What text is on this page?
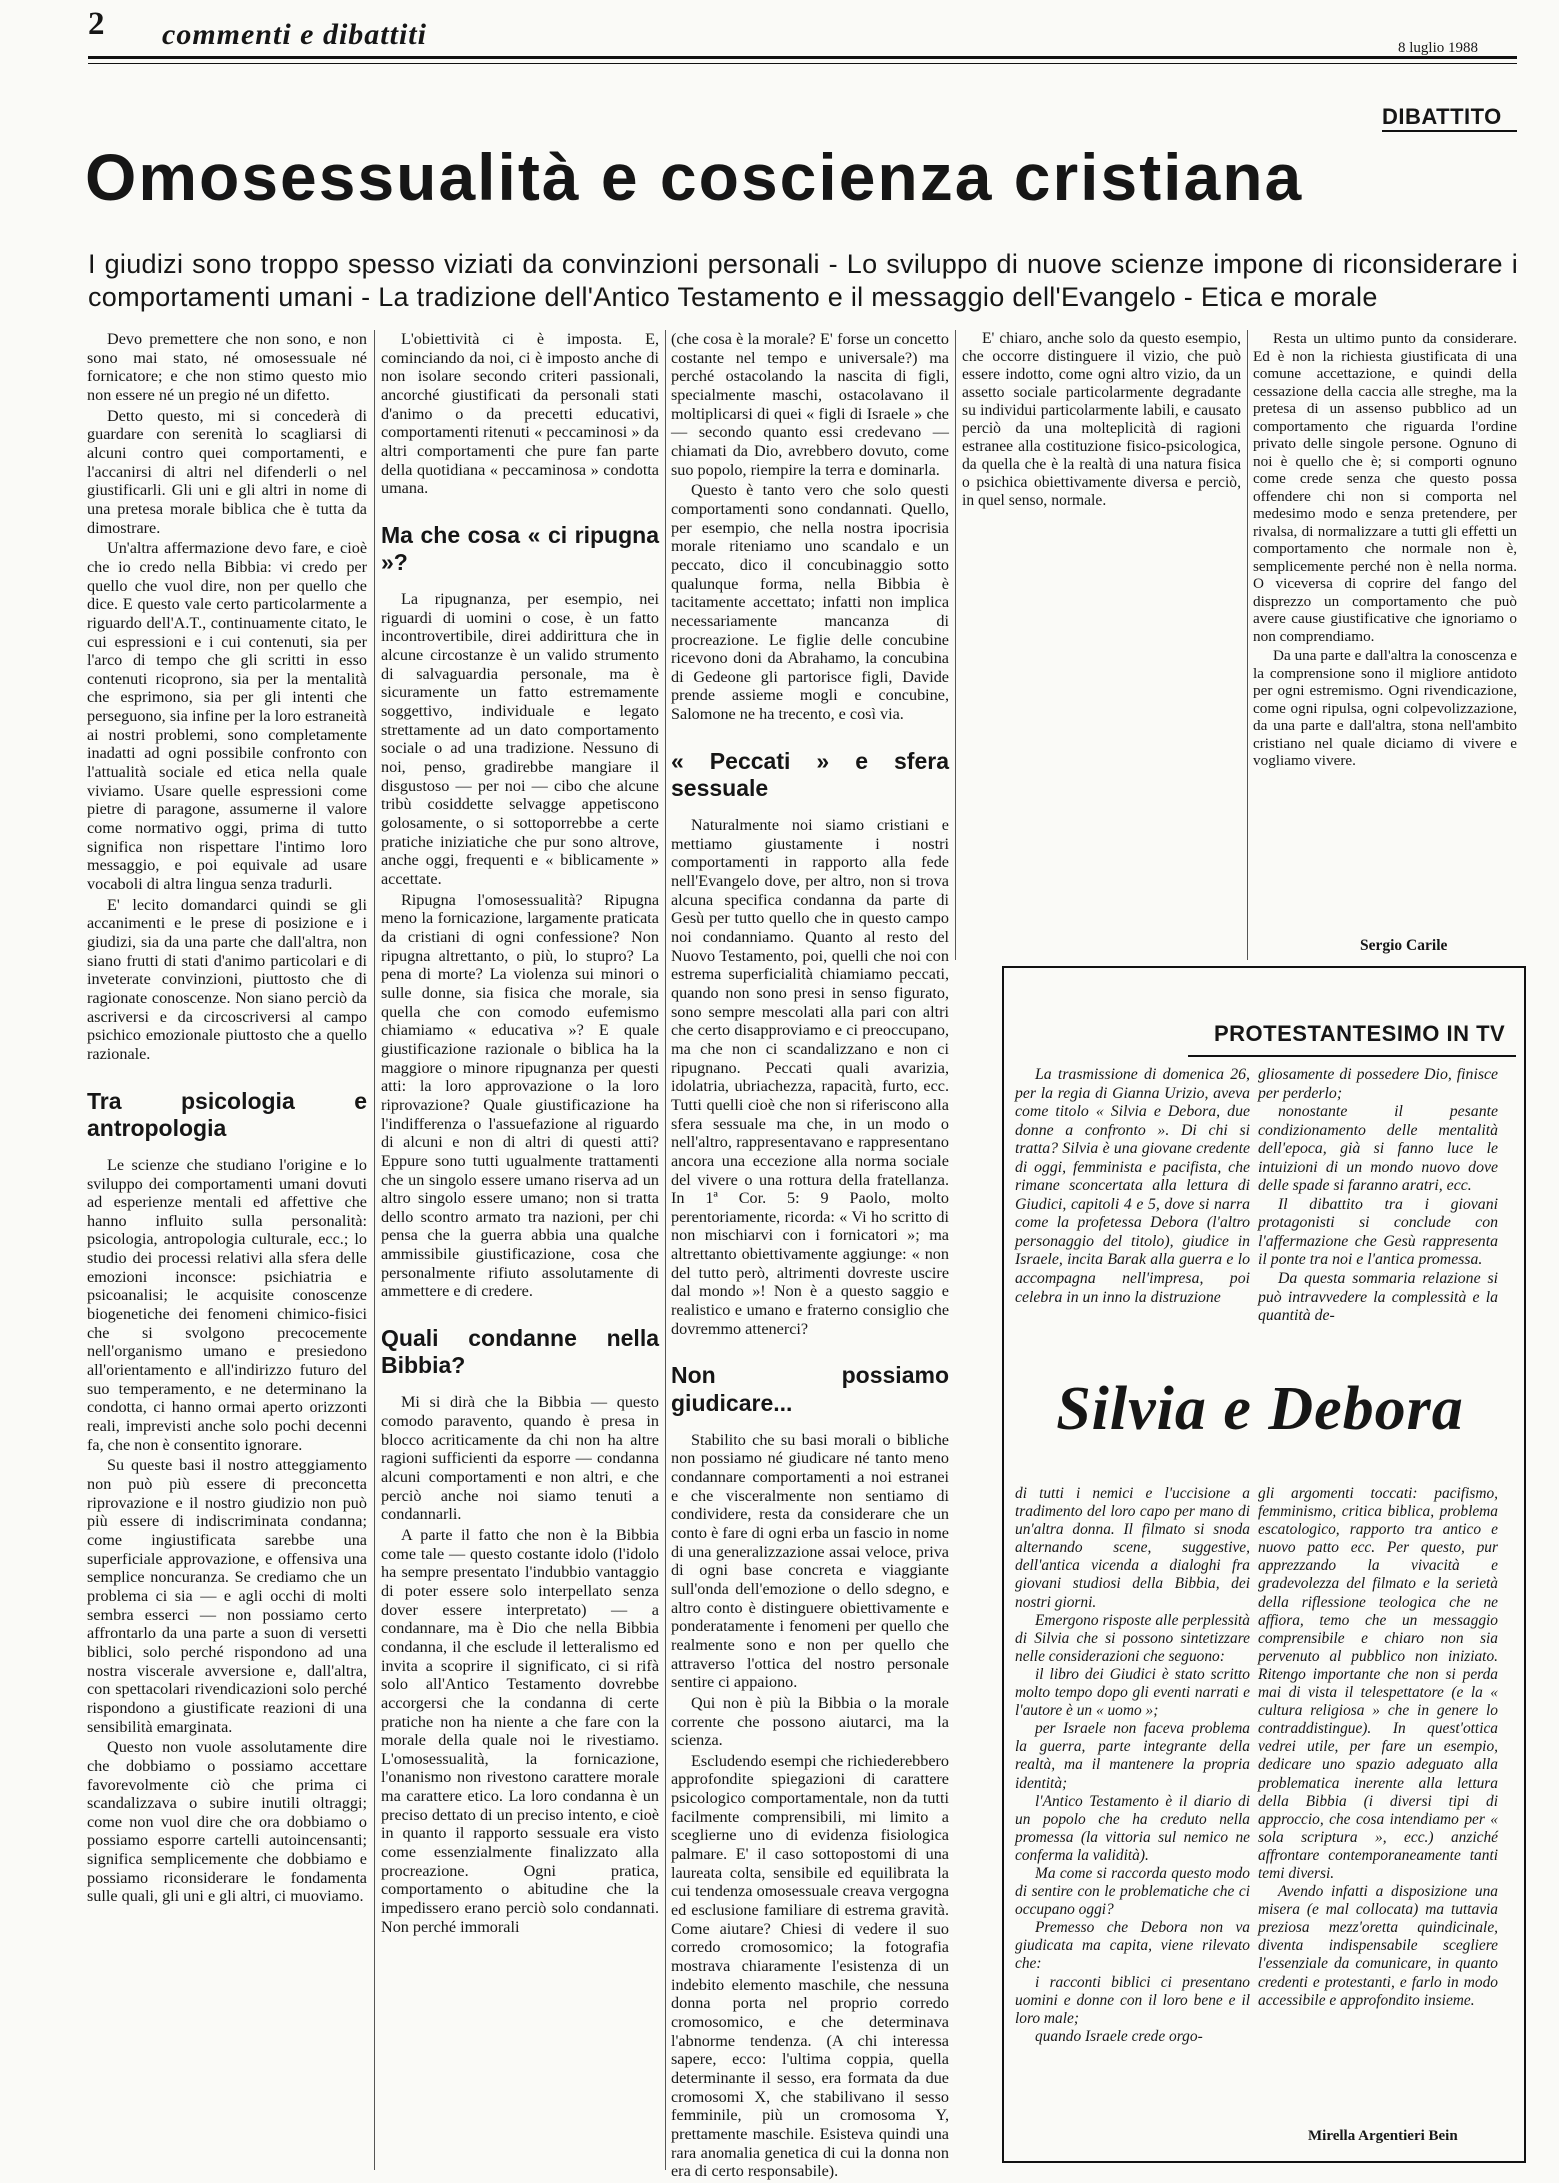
2 commenti e dibattiti	8 luglio 1988
DIBATTITO
Omosessualità e coscienza cristiana
I giudizi sono troppo spesso viziati da convinzioni personali - Lo sviluppo di nuove scienze impone di riconsiderare i comportamenti umani - La tradizione dell'Antico Testamento e il messaggio dell'Evangelo - Etica e morale

Devo premettere che non sono, e non sono mai stato, né omosessuale né fornicatore; e che non stimo questo mio non essere né un pregio né un difetto.

Detto questo, mi si concederà di guardare con serenità lo scagliarsi di alcuni contro quei comportamenti, e l'accanirsi di altri nel difenderli o nel giustificarli. Gli uni e gli altri in nome di una pretesa morale biblica che è tutta da dimostrare.

Un'altra affermazione devo fare, e cioè che io credo nella Bibbia: vi credo per quello che vuol dire, non per quello che dice. E questo vale certo particolarmente a riguardo dell'A.T., continuamente citato, le cui espressioni e i cui contenuti, sia per l'arco di tempo che gli scritti in esso contenuti ricoprono, sia per la mentalità che esprimono, sia per gli intenti che perseguono, sia infine per la loro estraneità ai nostri problemi, sono completamente inadatti ad ogni possibile confronto con l'attualità sociale ed etica nella quale viviamo. Usare quelle espressioni come pietre di paragone, assumerne il valore come normativo oggi, prima di tutto significa non rispettare l'intimo loro messaggio, e poi equivale ad usare vocaboli di altra lingua senza tradurli.

E' lecito domandarci quindi se gli accanimenti e le prese di posizione e i giudizi, sia da una parte che dall'altra, non siano frutti di stati d'animo particolari e di inveterate convinzioni, piuttosto che di ragionate conoscenze. Non siano perciò da ascriversi e da circoscriversi al campo psichico emozionale piuttosto che a quello razionale.

Tra psicologia e antropologia

Le scienze che studiano l'origine e lo sviluppo dei comportamenti umani dovuti ad esperienze mentali ed affettive che hanno influito sulla personalità: psicologia, antropologia culturale, ecc.; lo studio dei processi relativi alla sfera delle emozioni inconsce: psichiatria e psicoanalisi; le acquisite conoscenze biogenetiche dei fenomeni chimico-fisici che si svolgono precocemente nell'organismo umano e presiedono all'orientamento e all'indirizzo futuro del suo temperamento, e ne determinano la condotta, ci hanno ormai aperto orizzonti reali, imprevisti anche solo pochi decenni fa, che non è consentito ignorare.

Su queste basi il nostro atteggiamento non può più essere di preconcetta riprovazione e il nostro giudizio non può più essere di indiscriminata condanna; come ingiustificata sarebbe una superficiale approvazione, e offensiva una semplice noncuranza. Se crediamo che un problema ci sia — e agli occhi di molti sembra esserci — non possiamo certo affrontarlo da una parte a suon di versetti biblici, solo perché rispondono ad una nostra viscerale avversione e, dall'altra, con spettacolari rivendicazioni solo perché rispondono a giustificate reazioni di una sensibilità emarginata.

Questo non vuole assolutamente dire che dobbiamo o possiamo accettare favorevolmente ciò che prima ci scandalizzava o subire inutili oltraggi; come non vuol dire che ora dobbiamo o possiamo esporre cartelli autoincensanti; significa semplicemente che dobbiamo e possiamo riconsiderare le fondamenta sulle quali, gli uni e gli altri, ci muoviamo.

L'obiettività ci è imposta. E, cominciando da noi, ci è imposto anche di non isolare secondo criteri passionali, ancorché giustificati da personali stati d'animo o da precetti educativi, comportamenti ritenuti « peccaminosi » da altri comportamenti che pure fan parte della quotidiana « peccaminosa » condotta umana.

Ma che cosa « ci ripugna »?

La ripugnanza, per esempio, nei riguardi di uomini o cose, è un fatto incontrovertibile, direi addirittura che in alcune circostanze è un valido strumento di salvaguardia personale, ma è sicuramente un fatto estremamente soggettivo, individuale e legato strettamente ad un dato comportamento sociale o ad una tradizione. Nessuno di noi, penso, gradirebbe mangiare il disgustoso — per noi — cibo che alcune tribù cosiddette selvagge appetiscono golosamente, o si sottoporrebbe a certe pratiche iniziatiche che pur sono altrove, anche oggi, frequenti e « biblicamente » accettate.

Ripugna l'omosessualità? Ripugna meno la fornicazione, largamente praticata da cristiani di ogni confessione? Non ripugna altrettanto, o più, lo stupro? La pena di morte? La violenza sui minori o sulle donne, sia fisica che morale, sia quella che con comodo eufemismo chiamiamo « educativa »? E quale giustificazione razionale o biblica ha la maggiore o minore ripugnanza per questi atti: la loro approvazione o la loro riprovazione? Quale giustificazione ha l'indifferenza o l'assuefazione al riguardo di alcuni e non di altri di questi atti? Eppure sono tutti ugualmente trattamenti che un singolo essere umano riserva ad un altro singolo essere umano; non si tratta dello scontro armato tra nazioni, per chi pensa che la guerra abbia una qualche ammissibile giustificazione, cosa che personalmente rifiuto assolutamente di ammettere e di credere.

Quali condanne nella Bibbia?

Mi si dirà che la Bibbia — questo comodo paravento, quando è presa in blocco acriticamente da chi non ha altre ragioni sufficienti da esporre — condanna alcuni comportamenti e non altri, e che perciò anche noi siamo tenuti a condannarli.

A parte il fatto che non è la Bibbia come tale — questo costante idolo (l'idolo ha sempre presentato l'indubbio vantaggio di poter essere solo interpellato senza dover essere interpretato) — a condannare, ma è Dio che nella Bibbia condanna, il che esclude il letteralismo ed invita a scoprire il significato, ci si rifà solo all'Antico Testamento dovrebbe accorgersi che la condanna di certe pratiche non ha niente a che fare con la morale della quale noi le rivestiamo. L'omosessualità, la fornicazione, l'onanismo non rivestono carattere morale ma carattere etico. La loro condanna è un preciso dettato di un preciso intento, e cioè in quanto il rapporto sessuale era visto come essenzialmente finalizzato alla procreazione. Ogni pratica, comportamento o abitudine che la impedissero erano perciò solo condannati. Non perché immorali

(che cosa è la morale? E' forse un concetto costante nel tempo e universale?) ma perché ostacolando la nascita di figli, specialmente maschi, ostacolavano il moltiplicarsi di quei « figli di Israele » che — secondo quanto essi credevano — chiamati da Dio, avrebbero dovuto, come suo popolo, riempire la terra e dominarla.

Questo è tanto vero che solo questi comportamenti sono condannati. Quello, per esempio, che nella nostra ipocrisia morale riteniamo uno scandalo e un peccato, dico il concubinaggio sotto qualunque forma, nella Bibbia è tacitamente accettato; infatti non implica necessariamente mancanza di procreazione. Le figlie delle concubine ricevono doni da Abrahamo, la concubina di Gedeone gli partorisce figli, Davide prende assieme mogli e concubine, Salomone ne ha trecento, e così via.

« Peccati » e sfera sessuale

Naturalmente noi siamo cristiani e mettiamo giustamente i nostri comportamenti in rapporto alla fede nell'Evangelo dove, per altro, non si trova alcuna specifica condanna da parte di Gesù per tutto quello che in questo campo noi condanniamo. Quanto al resto del Nuovo Testamento, poi, quelli che noi con estrema superficialità chiamiamo peccati, quando non sono presi in senso figurato, sono sempre mescolati alla pari con altri che certo disapproviamo e ci preoccupano, ma che non ci scandalizzano e non ci ripugnano. Peccati quali avarizia, idolatria, ubriachezza, rapacità, furto, ecc. Tutti quelli cioè che non si riferiscono alla sfera sessuale ma che, in un modo o nell'altro, rappresentavano e rappresentano ancora una eccezione alla norma sociale del vivere o una rottura della fratellanza. In 1ª Cor. 5: 9 Paolo, molto perentoriamente, ricorda: « Vi ho scritto di non mischiarvi con i fornicatori »; ma altrettanto obiettivamente aggiunge: « non del tutto però, altrimenti dovreste uscire dal mondo »! Non è a questo saggio e realistico e umano e fraterno consiglio che dovremmo attenerci?

Non possiamo giudicare...

Stabilito che su basi morali o bibliche non possiamo né giudicare né tanto meno condannare comportamenti a noi estranei e che visceralmente non sentiamo di condividere, resta da considerare che un conto è fare di ogni erba un fascio in nome di una generalizzazione assai veloce, priva di ogni base concreta e viaggiante sull'onda dell'emozione o dello sdegno, e altro conto è distinguere obiettivamente e ponderatamente i fenomeni per quello che realmente sono e non per quello che attraverso l'ottica del nostro personale sentire ci appaiono.

Qui non è più la Bibbia o la morale corrente che possono aiutarci, ma la scienza.

Escludendo esempi che richiederebbero approfondite spiegazioni di carattere psicologico comportamentale, non da tutti facilmente comprensibili, mi limito a sceglierne uno di evidenza fisiologica palmare. E' il caso sottopostomi di una laureata colta, sensibile ed equilibrata la cui tendenza omosessuale creava vergogna ed esclusione familiare di estrema gravità. Come aiutare? Chiesi di vedere il suo corredo cromosomico; la fotografia mostrava chiaramente l'esistenza di un indebito elemento maschile, che nessuna donna porta nel proprio corredo cromosomico, e che determinava l'abnorme tendenza. (A chi interessa sapere, ecco: l'ultima coppia, quella determinante il sesso, era formata da due cromosomi X, che stabilivano il sesso femminile, più un cromosoma Y, prettamente maschile. Esisteva quindi una rara anomalia genetica di cui la donna non era di certo responsabile).

E' chiaro, anche solo da questo esempio, che occorre distinguere il vizio, che può essere indotto, come ogni altro vizio, da un assetto sociale particolarmente degradante su individui particolarmente labili, e causato perciò da una molteplicità di ragioni estranee alla costituzione fisico-psicologica, da quella che è la realtà di una natura fisica o psichica obiettivamente diversa e perciò, in quel senso, normale.

Resta un ultimo punto da considerare. Ed è non la richiesta giustificata di una comune accettazione, e quindi della cessazione della caccia alle streghe, ma la pretesa di un assenso pubblico ad un comportamento che riguarda l'ordine privato delle singole persone. Ognuno di noi è quello che è; si comporti ognuno come crede senza che questo possa offendere chi non si comporta nel medesimo modo e senza pretendere, per rivalsa, di normalizzare a tutti gli effetti un comportamento che normale non è, semplicemente perché non è nella norma. O viceversa di coprire del fango del disprezzo un comportamento che può avere cause giustificative che ignoriamo o non comprendiamo.

Da una parte e dall'altra la conoscenza e la comprensione sono il migliore antidoto per ogni estremismo. Ogni rivendicazione, come ogni ripulsa, ogni colpevolizzazione, da una parte e dall'altra, stona nell'ambito cristiano nel quale diciamo di vivere e vogliamo vivere.

Sergio Carile
PROTESTANTESIMO IN TV

La trasmissione di domenica 26, per la regia di Gianna Urizio, aveva come titolo « Silvia e Debora, due donne a confronto ». Di chi si tratta? Silvia è una giovane credente di oggi, femminista e pacifista, che rimane sconcertata alla lettura di Giudici, capitoli 4 e 5, dove si narra come la profetessa Debora (l'altro personaggio del titolo), giudice in Israele, incita Barak alla guerra e lo accompagna nell'impresa, poi celebra in un inno la distruzione

gliosamente di possedere Dio, finisce per perderlo;

nonostante il pesante condizionamento delle mentalità dell'epoca, già si fanno luce le intuizioni di un mondo nuovo dove delle spade si faranno aratri, ecc.

Il dibattito tra i giovani protagonisti si conclude con l'affermazione che Gesù rappresenta il ponte tra noi e l'antica promessa.

Da questa sommaria relazione si può intravvedere la complessità e la quantità de-

Silvia e Debora

di tutti i nemici e l'uccisione a tradimento del loro capo per mano di un'altra donna. Il filmato si snoda alternando scene, suggestive, dell'antica vicenda a dialoghi fra giovani studiosi della Bibbia, dei nostri giorni.

Emergono risposte alle perplessità di Silvia che si possono sintetizzare nelle considerazioni che seguono:

il libro dei Giudici è stato scritto molto tempo dopo gli eventi narrati e l'autore è un « uomo »;

per Israele non faceva problema la guerra, parte integrante della realtà, ma il mantenere la propria identità;

l'Antico Testamento è il diario di un popolo che ha creduto nella promessa (la vittoria sul nemico ne conferma la validità).

Ma come si raccorda questo modo di sentire con le problematiche che ci occupano oggi?

Premesso che Debora non va giudicata ma capita, viene rilevato che:

i racconti biblici ci presentano uomini e donne con il loro bene e il loro male;

quando Israele crede orgo-

gli argomenti toccati: pacifismo, femminismo, critica biblica, problema escatologico, rapporto tra antico e nuovo patto ecc. Per questo, pur apprezzando la vivacità e gradevolezza del filmato e la serietà della riflessione teologica che ne affiora, temo che un messaggio comprensibile e chiaro non sia pervenuto al pubblico non iniziato. Ritengo importante che non si perda mai di vista il telespettatore (e la « cultura religiosa » che in genere lo contraddistingue). In quest'ottica vedrei utile, per fare un esempio, dedicare uno spazio adeguato alla problematica inerente alla lettura della Bibbia (i diversi tipi di approccio, che cosa intendiamo per « sola scriptura », ecc.) anziché affrontare contemporaneamente tanti temi diversi.

Avendo infatti a disposizione una misera (e mal collocata) ma tuttavia preziosa mezz'oretta quindicinale, diventa indispensabile scegliere l'essenziale da comunicare, in quanto credenti e protestanti, e farlo in modo accessibile e approfondito insieme.

Mirella Argentieri Bein
